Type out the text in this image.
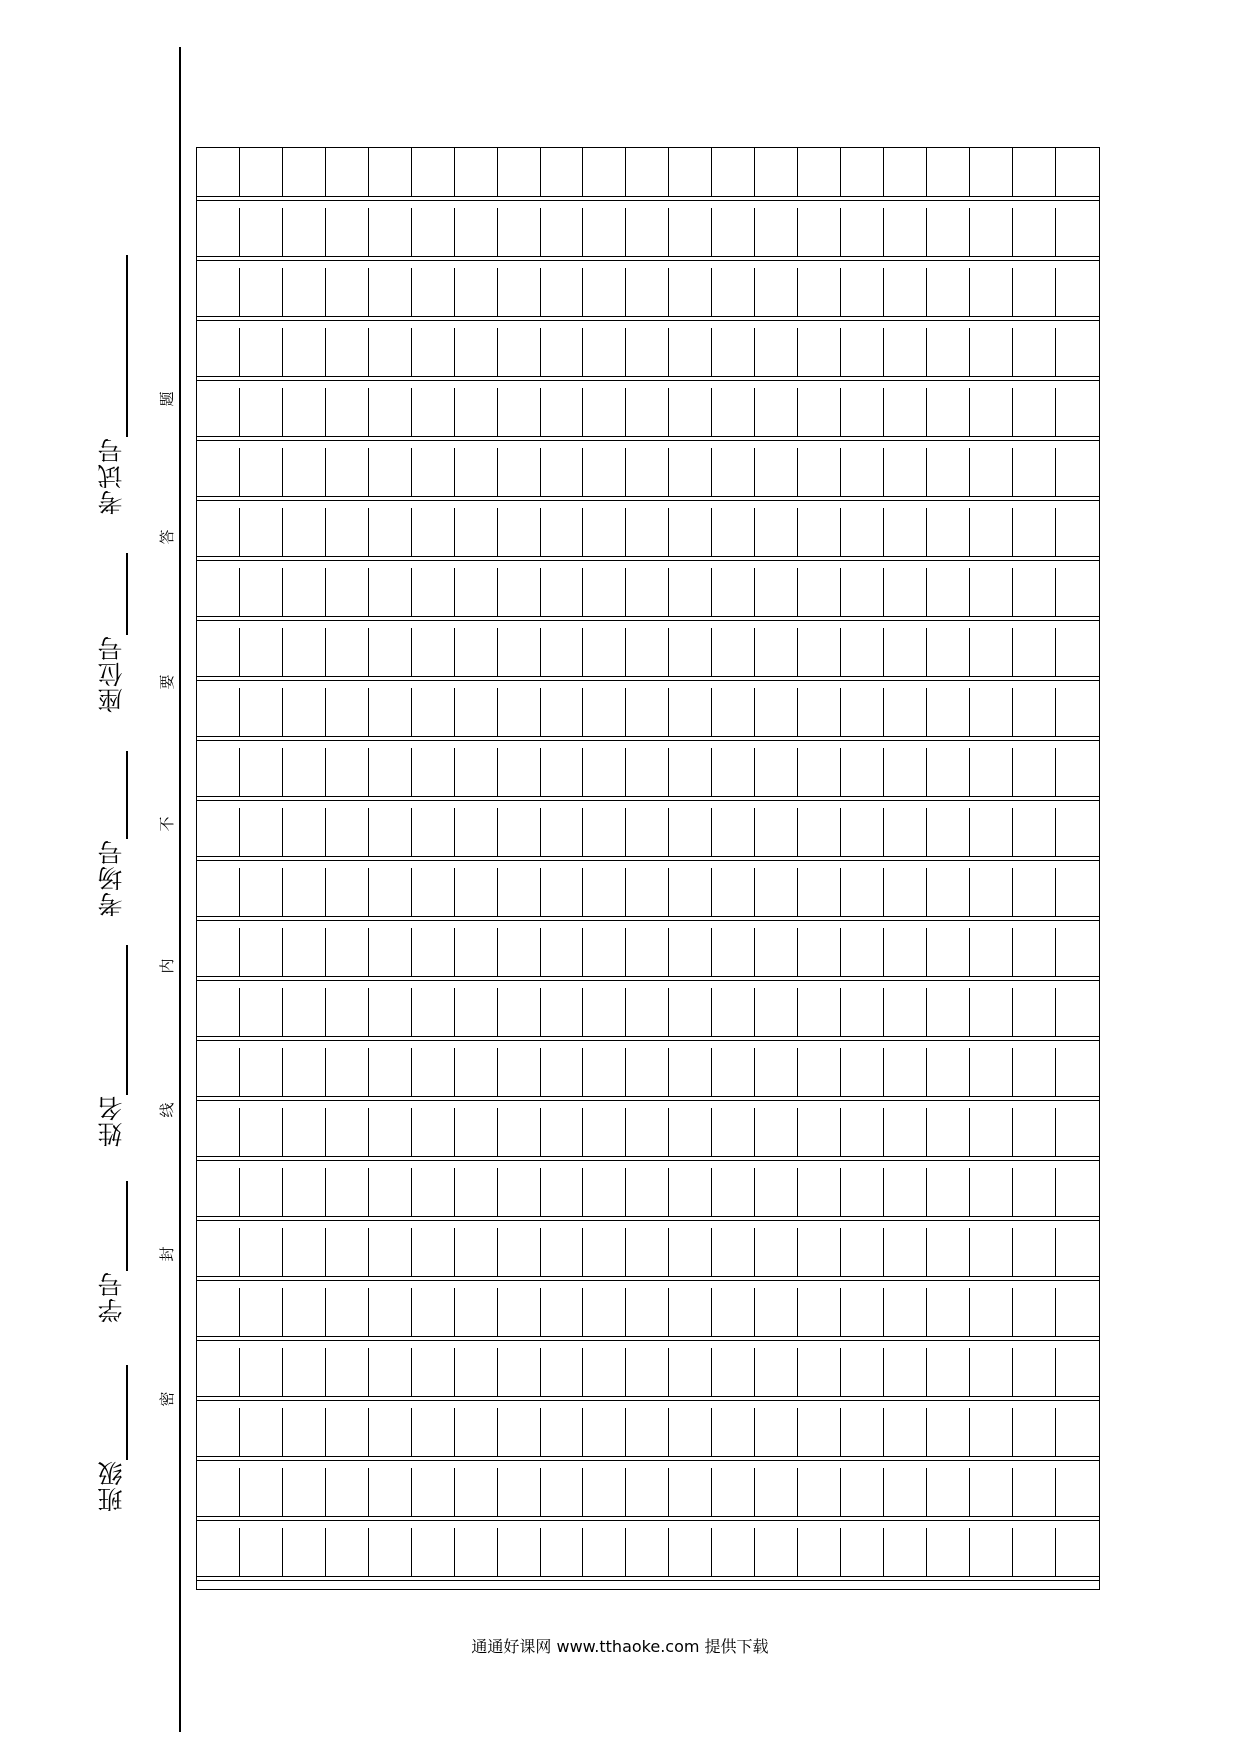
考试号
座位号
考场号
姓名
学号
班级
题
答
要
不
内
线
封
密
通通好课网 www.tthaoke.com 提供下载
